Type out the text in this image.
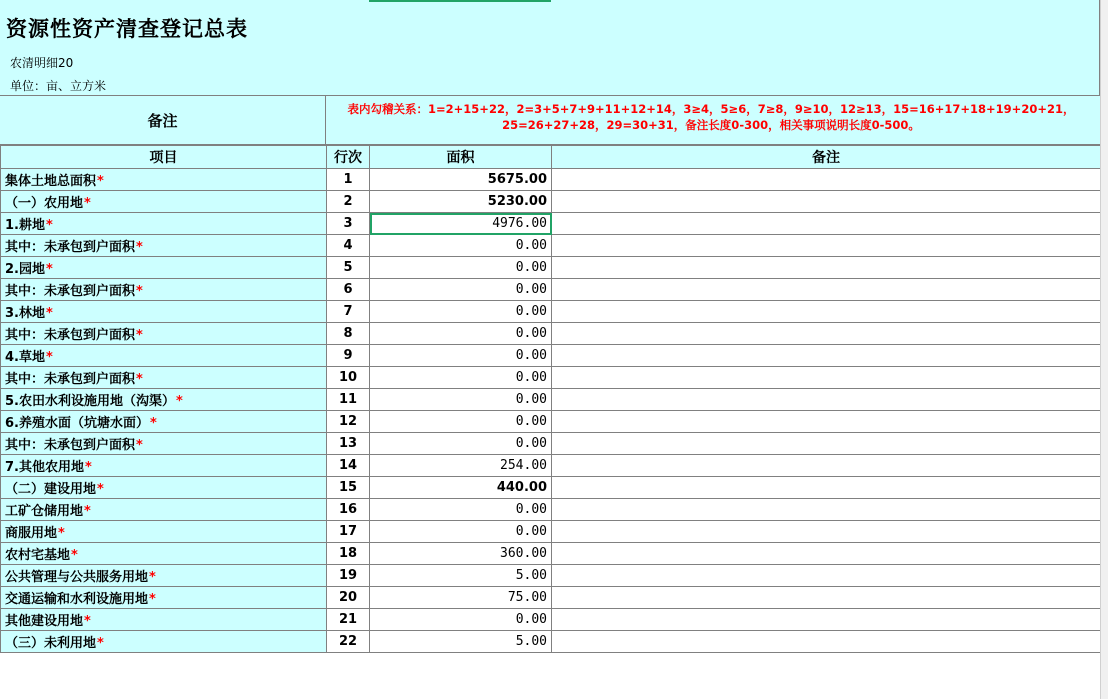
资源性资产清查登记总表
农清明细20
单位：亩、立方米
备注
表内勾稽关系：1=2+15+22，2=3+5+7+9+11+12+14，3≥4，5≥6，7≥8，9≥10，12≥13，15=16+17+18+19+20+21，
25=26+27+28，29=30+31，备注长度0-300，相关事项说明长度0-500。
项目	行次	面积	备注
集体土地总面积*	1	5675.00	
（一）农用地*	2	5230.00	
1.耕地*	3	4976.00	
其中：未承包到户面积*	4	0.00	
2.园地*	5	0.00	
其中：未承包到户面积*	6	0.00	
3.林地*	7	0.00	
其中：未承包到户面积*	8	0.00	
4.草地*	9	0.00	
其中：未承包到户面积*	10	0.00	
5.农田水利设施用地（沟渠）*	11	0.00	
6.养殖水面（坑塘水面）*	12	0.00	
其中：未承包到户面积*	13	0.00	
7.其他农用地*	14	254.00	
（二）建设用地*	15	440.00	
工矿仓储用地*	16	0.00	
商服用地*	17	0.00	
农村宅基地*	18	360.00	
公共管理与公共服务用地*	19	5.00	
交通运输和水利设施用地*	20	75.00	
其他建设用地*	21	0.00	
（三）未利用地*	22	5.00	
